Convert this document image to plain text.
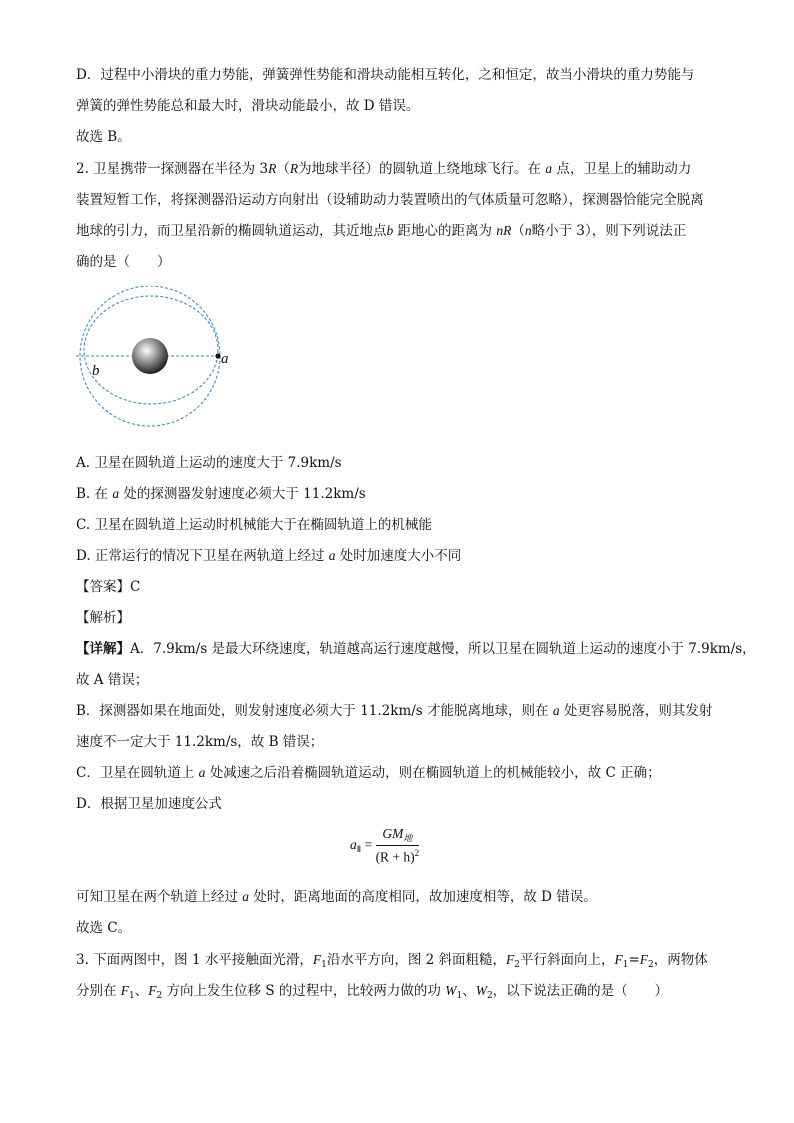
D．过程中小滑块的重力势能，弹簧弹性势能和滑块动能相互转化，之和恒定，故当小滑块的重力势能与
弹簧的弹性势能总和最大时，滑块动能最小，故 D 错误。
故选 B。
2. 卫星携带一探测器在半径为 3R（R为地球半径）的圆轨道上绕地球飞行。在 a 点，卫星上的辅助动力
装置短暂工作，将探测器沿运动方向射出（设辅助动力装置喷出的气体质量可忽略），探测器恰能完全脱离
地球的引力，而卫星沿新的椭圆轨道运动，其近地点b 距地心的距离为 nR（n略小于 3），则下列说法正
确的是（　　）
a
b
A. 卫星在圆轨道上运动的速度大于 7.9km/s
B. 在 a 处的探测器发射速度必须大于 11.2km/s
C. 卫星在圆轨道上运动时机械能大于在椭圆轨道上的机械能
D. 正常运行的情况下卫星在两轨道上经过 a 处时加速度大小不同
【答案】C
【解析】
【详解】A．7.9km/s 是最大环绕速度，轨道越高运行速度越慢，所以卫星在圆轨道上运动的速度小于 7.9km/s，
故 A 错误；
B．探测器如果在地面处，则发射速度必须大于 11.2km/s 才能脱离地球，则在 a 处更容易脱落，则其发射
速度不一定大于 11.2km/s，故 B 错误；
C．卫星在圆轨道上 a 处减速之后沿着椭圆轨道运动，则在椭圆轨道上的机械能较小，故 C 正确；
D．根据卫星加速度公式
$a_Ⅱ = \frac{GM_地}{(R + h)^2}$
可知卫星在两个轨道上经过 a 处时，距离地面的高度相同，故加速度相等，故 D 错误。
故选 C。
3. 下面两图中，图 1 水平接触面光滑，$F_1$沿水平方向，图 2 斜面粗糙，$F_2$平行斜面向上，$F_1=F_2$，两物体
分别在 $F_1$、$F_2$ 方向上发生位移 S 的过程中，比较两力做的功 $W_1$、$W_2$，以下说法正确的是（　　）
